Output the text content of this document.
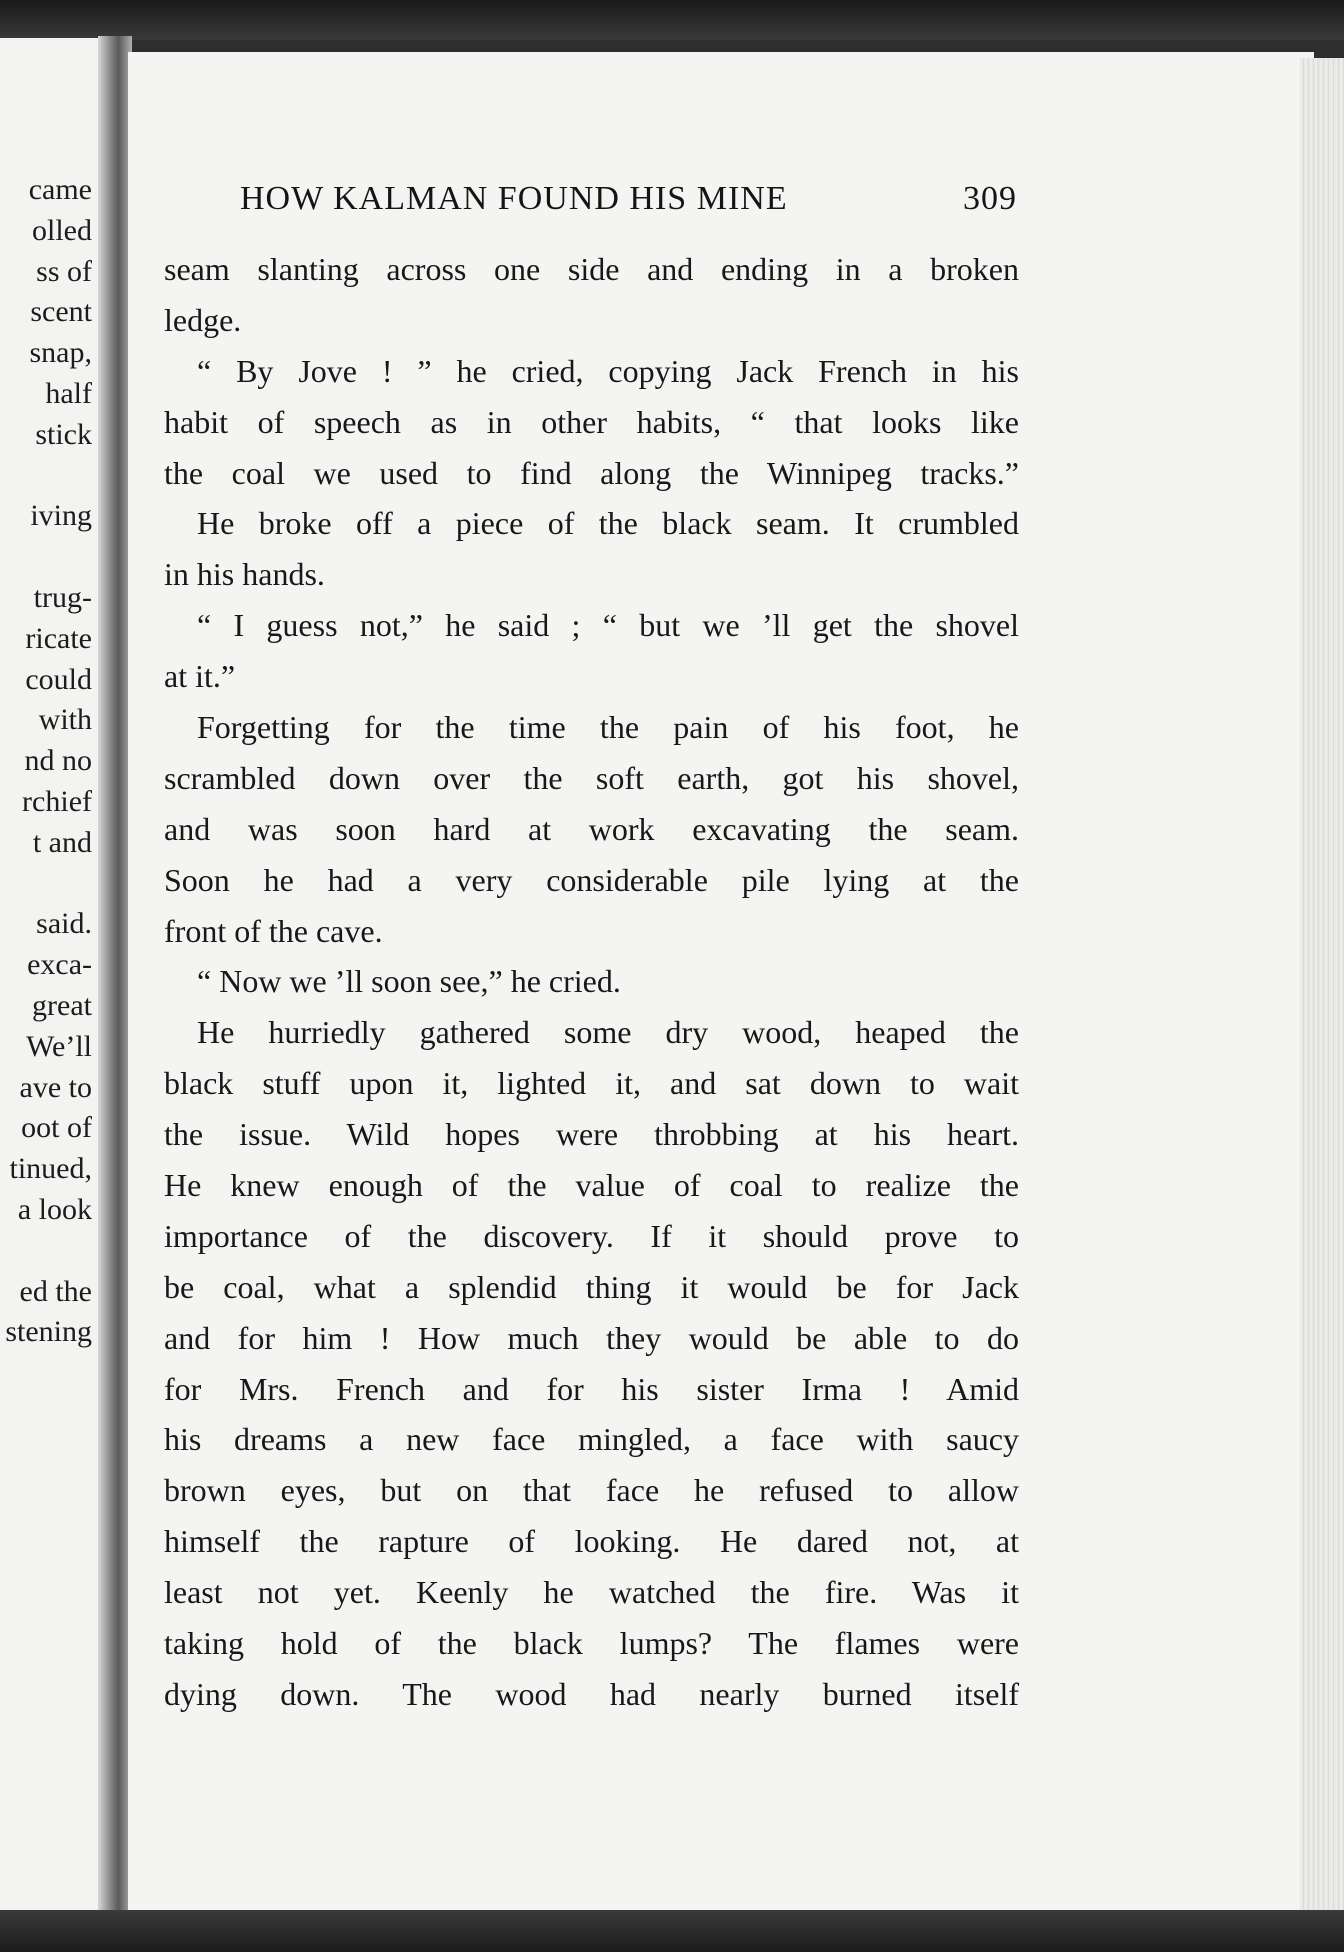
came
olled
ss of
scent
snap,
half
stick
iving
trug-
ricate
could
with
nd no
rchief
t and
said.
exca-
great
We’ll
ave to
oot of
tinued,
a look
ed the
stening
HOW KALMAN FOUND HIS MINE	309
seam slanting across one side and ending in a broken
ledge.
“ By Jove ! ” he cried, copying Jack French in his
habit of speech as in other habits, “ that looks like
the coal we used to find along the Winnipeg tracks.”
He broke off a piece of the black seam. It crumbled
in his hands.
“ I guess not,” he said ; “ but we ’ll get the shovel
at it.”
Forgetting for the time the pain of his foot, he
scrambled down over the soft earth, got his shovel,
and was soon hard at work excavating the seam.
Soon he had a very considerable pile lying at the
front of the cave.
“ Now we ’ll soon see,” he cried.
He hurriedly gathered some dry wood, heaped the
black stuff upon it, lighted it, and sat down to wait
the issue. Wild hopes were throbbing at his heart.
He knew enough of the value of coal to realize the
importance of the discovery. If it should prove to
be coal, what a splendid thing it would be for Jack
and for him ! How much they would be able to do
for Mrs. French and for his sister Irma ! Amid
his dreams a new face mingled, a face with saucy
brown eyes, but on that face he refused to allow
himself the rapture of looking. He dared not, at
least not yet. Keenly he watched the fire. Was it
taking hold of the black lumps? The flames were
dying down. The wood had nearly burned itself
